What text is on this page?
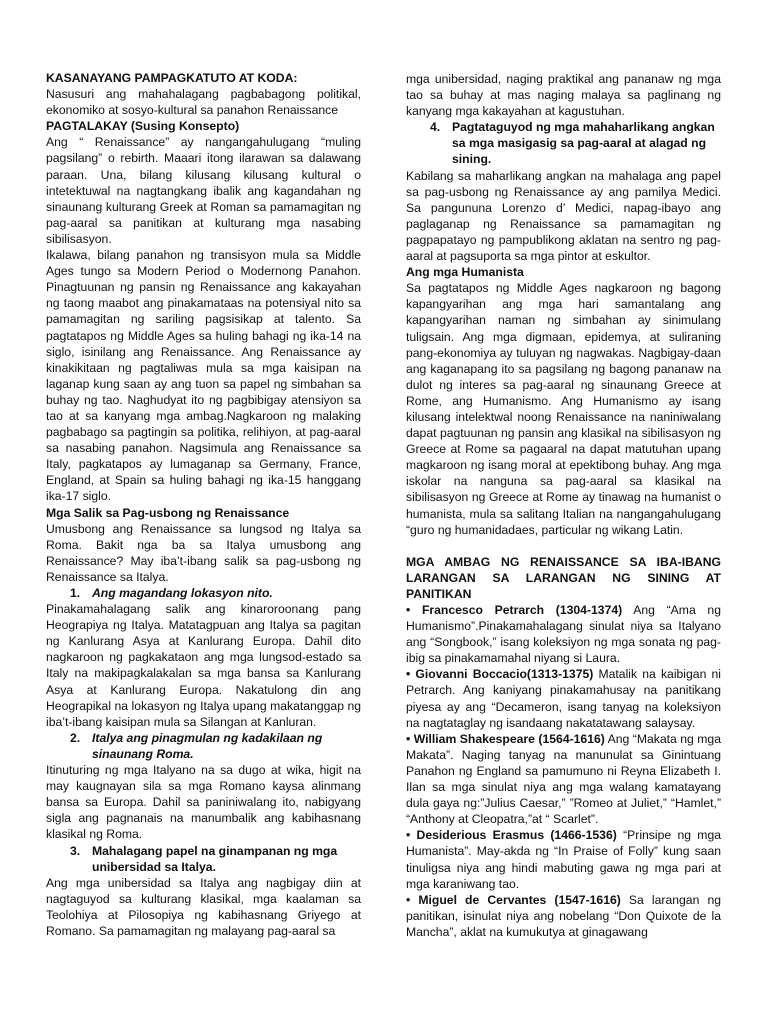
KASANAYANG PAMPAGKATUTO AT KODA:

Nasusuri ang mahahalagang pagbabagong politikal, ekonomiko at sosyo-kultural sa panahon Renaissance

PAGTALAKAY (Susing Konsepto)

Ang “ Renaissance” ay nangangahulugang “muling pagsilang” o rebirth. Maaari itong ilarawan sa dalawang paraan. Una, bilang kilusang kilusang kultural o intetektuwal na nagtangkang ibalik ang kagandahan ng sinaunang kulturang Greek at Roman sa pamamagitan ng pag-aaral sa panitikan at kulturang mga nasabing sibilisasyon.

Ikalawa, bilang panahon ng transisyon mula sa Middle Ages tungo sa Modern Period o Modernong Panahon. Pinagtuunan ng pansin ng Renaissance ang kakayahan ng taong maabot ang pinakamataas na potensiyal nito sa pamamagitan ng sariling pagsisikap at talento. Sa pagtatapos ng Middle Ages sa huling bahagi ng ika-14 na siglo, isinilang ang Renaissance. Ang Renaissance ay kinakikitaan ng pagtaliwas mula sa mga kaisipan na laganap kung saan ay ang tuon sa papel ng simbahan sa buhay ng tao. Naghudyat ito ng pagbibigay atensiyon sa tao at sa kanyang mga ambag.Nagkaroon ng malaking pagbabago sa pagtingin sa politika, relihiyon, at pag-aaral sa nasabing panahon. Nagsimula ang Renaissance sa Italy, pagkatapos ay lumaganap sa Germany, France, England, at Spain sa huling bahagi ng ika-15 hanggang ika-17 siglo.

Mga Salik sa Pag-usbong ng Renaissance

Umusbong ang Renaissance sa lungsod ng Italya sa Roma. Bakit nga ba sa Italya umusbong ang Renaissance? May iba’t-ibang salik sa pag-usbong ng Renaissance sa Italya.

1. Ang magandang lokasyon nito.

Pinakamahalagang salik ang kinaroroonang pang Heograpiya ng Italya. Matatagpuan ang Italya sa pagitan ng Kanlurang Asya at Kanlurang Europa. Dahil dito nagkaroon ng pagkakataon ang mga lungsod-estado sa Italy na makipagkalakalan sa mga bansa sa Kanlurang Asya at Kanlurang Europa. Nakatulong din ang Heograpikal na lokasyon ng Italya upang makatanggap ng iba’t-ibang kaisipan mula sa Silangan at Kanluran.

2. Italya ang pinagmulan ng kadakilaan ng sinaunang Roma.

Itinuturing ng mga Italyano na sa dugo at wika, higit na may kaugnayan sila sa mga Romano kaysa alinmang bansa sa Europa. Dahil sa paniniwalang ito, nabigyang sigla ang pagnanais na manumbalik ang kabihasnang klasikal ng Roma.

3. Mahalagang papel na ginampanan ng mga unibersidad sa Italya.

Ang mga unibersidad sa Italya ang nagbigay diin at nagtaguyod sa kulturang klasikal, mga kaalaman sa Teolohiya at Pilosopiya ng kabihasnang Griyego at Romano. Sa pamamagitan ng malayang pag-aaral sa

mga unibersidad, naging praktikal ang pananaw ng mga tao sa buhay at mas naging malaya sa paglinang ng kanyang mga kakayahan at kagustuhan.

4. Pagtataguyod ng mga mahaharlikang angkan sa mga masigasig sa pag-aaral at alagad ng sining.

Kabilang sa maharlikang angkan na mahalaga ang papel sa pag-usbong ng Renaissance ay ang pamilya Medici. Sa pangununa Lorenzo d’ Medici, napag-ibayo ang paglaganap ng Renaissance sa pamamagitan ng pagpapatayo ng pampublikong aklatan na sentro ng pag-aaral at pagsuporta sa mga pintor at eskultor.

Ang mga Humanista

Sa pagtatapos ng Middle Ages nagkaroon ng bagong kapangyarihan ang mga hari samantalang ang kapangyarihan naman ng simbahan ay sinimulang tuligsain. Ang mga digmaan, epidemya, at suliraning pang-ekonomiya ay tuluyan ng nagwakas. Nagbigay-daan ang kaganapang ito sa pagsilang ng bagong pananaw na dulot ng interes sa pag-aaral ng sinaunang Greece at Rome, ang Humanismo. Ang Humanismo ay isang kilusang intelektwal noong Renaissance na naniniwalang dapat pagtuunan ng pansin ang klasikal na sibilisasyon ng Greece at Rome sa pagaaral na dapat matutuhan upang magkaroon ng isang moral at epektibong buhay. Ang mga iskolar na nanguna sa pag-aaral sa klasikal na sibilisasyon ng Greece at Rome ay tinawag na humanist o humanista, mula sa salitang Italian na nangangahulugang “guro ng humanidadaes, particular ng wikang Latin.

MGA AMBAG NG RENAISSANCE SA IBA-IBANG LARANGAN SA LARANGAN NG SINING AT PANITIKAN

• Francesco Petrarch (1304-1374) Ang “Ama ng Humanismo”.Pinakamahalagang sinulat niya sa Italyano ang “Songbook,” isang koleksiyon ng mga sonata ng pag-ibig sa pinakamamahal niyang si Laura.

• Giovanni Boccacio(1313-1375) Matalik na kaibigan ni Petrarch. Ang kaniyang pinakamahusay na panitikang piyesa ay ang “Decameron, isang tanyag na koleksiyon na nagtataglay ng isandaang nakatatawang salaysay.

• William Shakespeare (1564-1616) Ang “Makata ng mga Makata”. Naging tanyag na manunulat sa Ginintuang Panahon ng England sa pamumuno ni Reyna Elizabeth I. Ilan sa mga sinulat niya ang mga walang kamatayang dula gaya ng:”Julius Caesar,” ”Romeo at Juliet,” “Hamlet,” “Anthony at Cleopatra,”at “ Scarlet”.

• Desiderious Erasmus (1466-1536) “Prinsipe ng mga Humanista”. May-akda ng “In Praise of Folly” kung saan tinuligsa niya ang hindi mabuting gawa ng mga pari at mga karaniwang tao.

• Miguel de Cervantes (1547-1616) Sa larangan ng panitikan, isinulat niya ang nobelang “Don Quixote de la Mancha”, aklat na kumukutya at ginagawang
